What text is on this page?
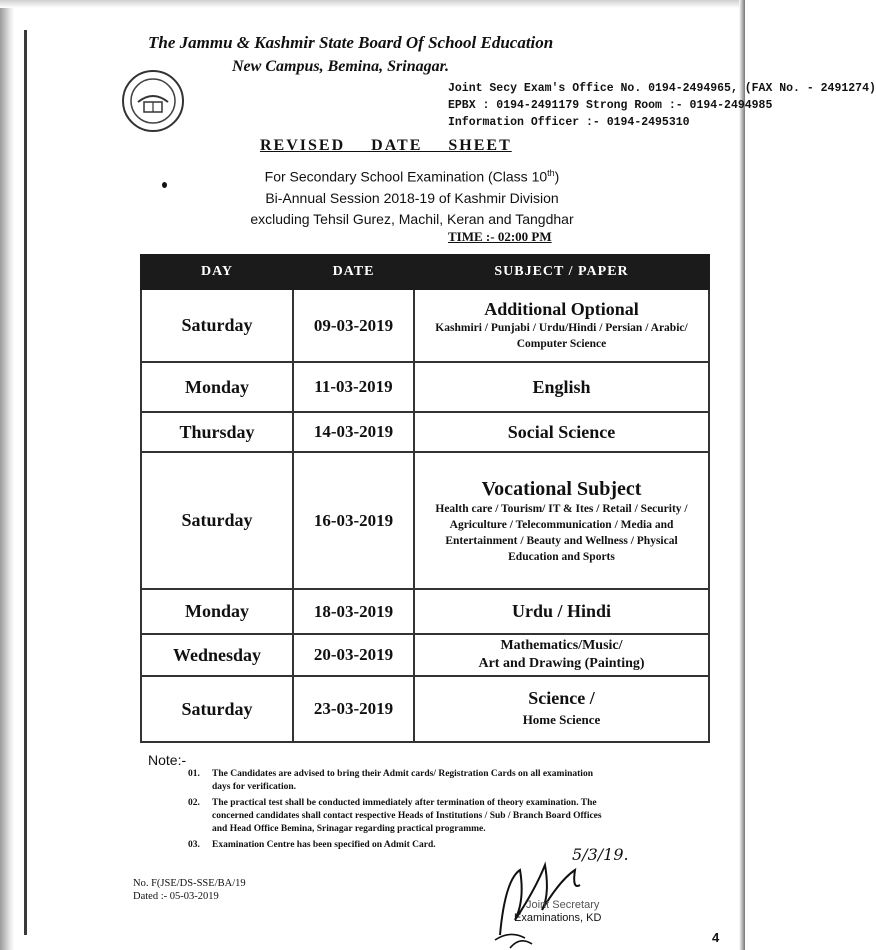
The Jammu & Kashmir State Board Of School Education
New Campus, Bemina, Srinagar.
Joint Secy Exam's Office No. 0194-2494965, (FAX No. - 2491274)
EPBX : 0194-2491179 Strong Room :- 0194-2494985
Information Officer :- 0194-2495310
REVISED DATE SHEET
For Secondary School Examination (Class 10th)
Bi-Annual Session 2018-19 of Kashmir Division
excluding Tehsil Gurez, Machil, Keran and Tangdhar
TIME :- 02:00 PM
DAY	DATE	SUBJECT / PAPER
Saturday	09-03-2019	Additional Optional
Kashmiri / Punjabi / Urdu/Hindi / Persian / Arabic/ Computer Science

Monday	11-03-2019	English

Thursday	14-03-2019	Social Science

Saturday	16-03-2019	Vocational Subject
Health care / Tourism/ IT & Ites / Retail / Security / Agriculture / Telecommunication / Media and Entertainment / Beauty and Wellness / Physical Education and Sports

Monday	18-03-2019	Urdu / Hindi

Wednesday	20-03-2019	Mathematics/Music/
Art and Drawing (Painting)

Saturday	23-03-2019	Science /
Home Science
Note:-
01.	The Candidates are advised to bring their Admit cards/ Registration Cards on all examination days for verification.
02.	The practical test shall be conducted immediately after termination of theory examination. The concerned candidates shall contact respective Heads of Institutions / Sub / Branch Board Offices and Head Office Bemina, Srinagar regarding practical programme.
03.	Examination Centre has been specified on Admit Card.
No. F(JSE/DS-SSE/BA/19
Dated :- 05-03-2019
5/3/19.
Joint Secretary
Examinations, KD
4
